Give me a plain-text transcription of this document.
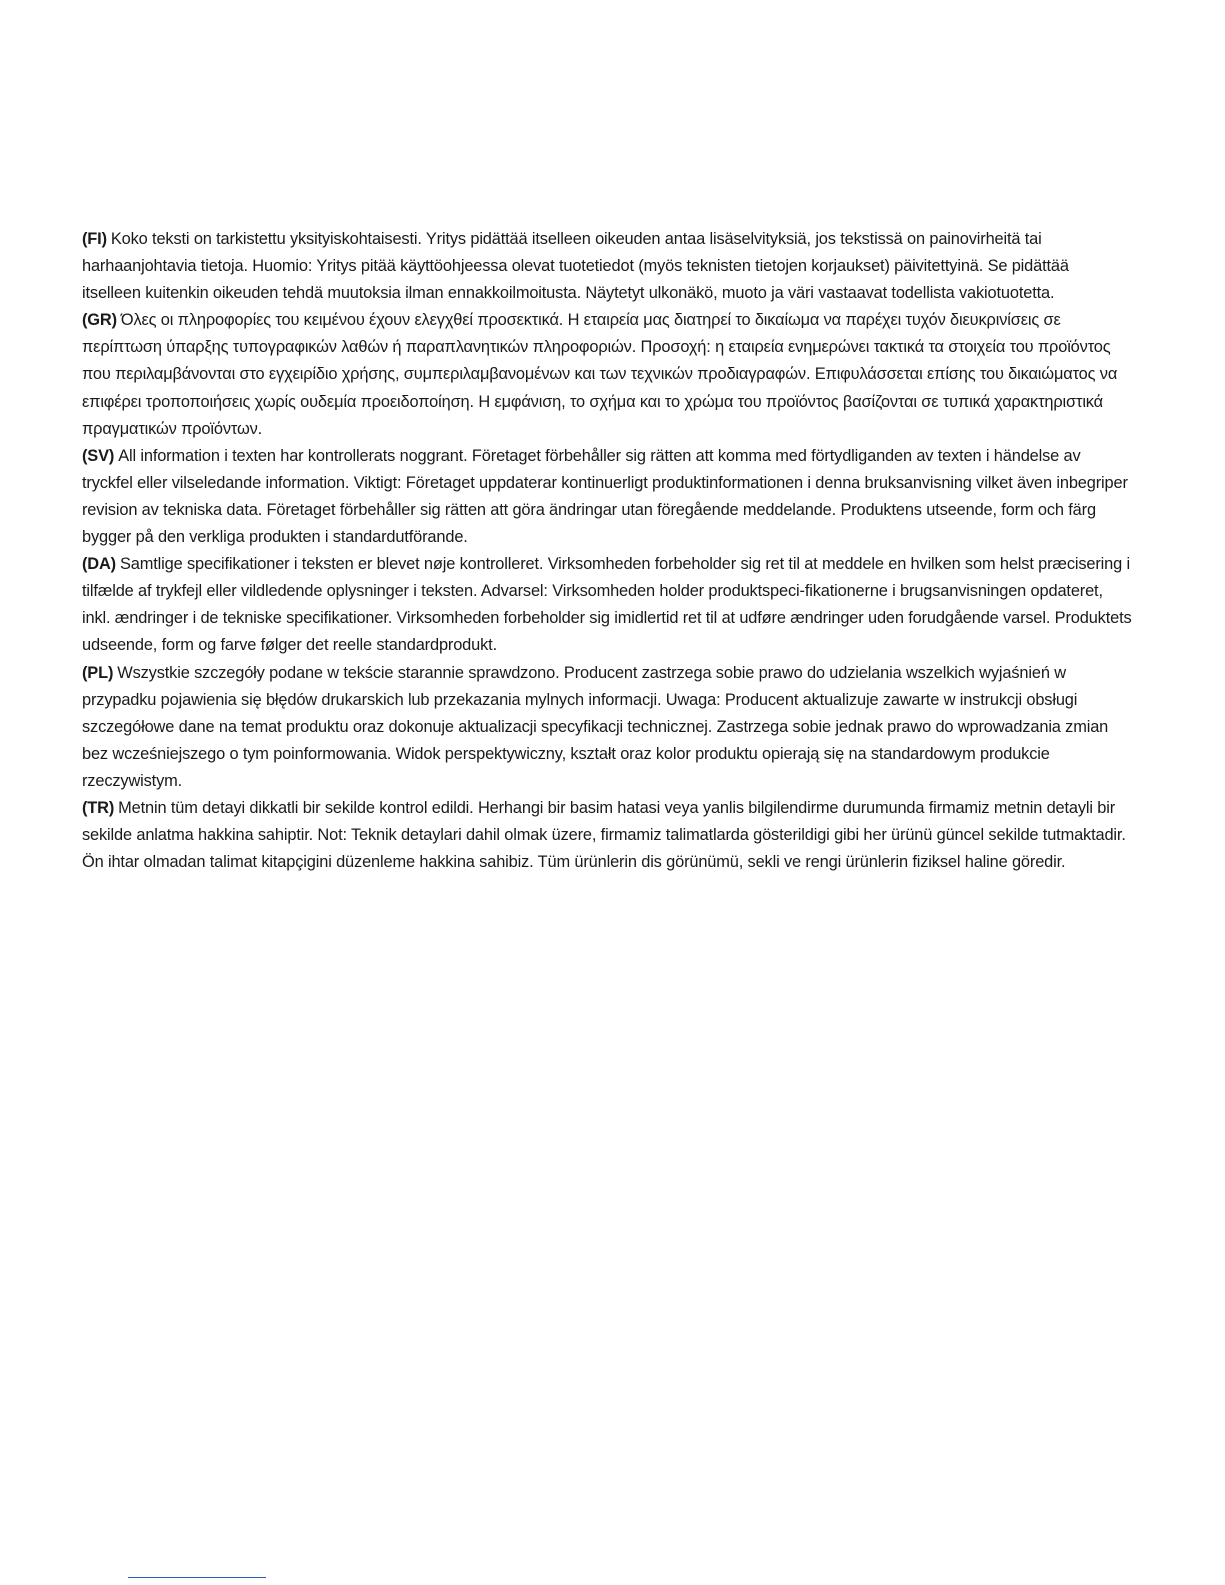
(FI) Koko teksti on tarkistettu yksityiskohtaisesti. Yritys pidättää itselleen oikeuden antaa lisäselvityksiä, jos tekstissä on painovirheitä tai harhaanjohtavia tietoja. Huomio: Yritys pitää käyttöohjeessa olevat tuotetiedot (myös teknisten tietojen korjaukset) päivitettyinä. Se pidättää itselleen kuitenkin oikeuden tehdä muutoksia ilman ennakkoilmoitusta. Näytetyt ulkonäkö, muoto ja väri vastaavat todellista vakiotuotetta.

(GR) Όλες οι πληροφορίες του κειμένου έχουν ελεγχθεί προσεκτικά. Η εταιρεία μας διατηρεί το δικαίωμα να παρέχει τυχόν διευκρινίσεις σε περίπτωση ύπαρξης τυπογραφικών λαθών ή παραπλανητικών πληροφοριών. Προσοχή: η εταιρεία ενημερώνει τακτικά τα στοιχεία του προϊόντος που περιλαμβάνονται στο εγχειρίδιο χρήσης, συμπεριλαμβανομένων και των τεχνικών προδιαγραφών. Επιφυλάσσεται επίσης του δικαιώματος να επιφέρει τροποποιήσεις χωρίς ουδεμία προειδοποίηση. Η εμφάνιση, το σχήμα και το χρώμα του προϊόντος βασίζονται σε τυπικά χαρακτηριστικά πραγματικών προϊόντων.

(SV) All information i texten har kontrollerats noggrant. Företaget förbehåller sig rätten att komma med förtydliganden av texten i händelse av tryckfel eller vilseledande information. Viktigt: Företaget uppdaterar kontinuerligt produktinformationen i denna bruksanvisning vilket även inbegriper revision av tekniska data. Företaget förbehåller sig rätten att göra ändringar utan föregående meddelande. Produktens utseende, form och färg bygger på den verkliga produkten i standardutförande.

(DA) Samtlige specifikationer i teksten er blevet nøje kontrolleret. Virksomheden forbeholder sig ret til at meddele en hvilken som helst præcisering i tilfælde af trykfejl eller vildledende oplysninger i teksten. Advarsel: Virksomheden holder produktspeci-fikationerne i brugsanvisningen opdateret, inkl. ændringer i de tekniske specifikationer. Virksomheden forbeholder sig imidlertid ret til at udføre ændringer uden forudgående varsel. Produktets udseende, form og farve følger det reelle standardprodukt.

(PL) Wszystkie szczegóły podane w tekście starannie sprawdzono. Producent zastrzega sobie prawo do udzielania wszelkich wyjaśnień w przypadku pojawienia się błędów drukarskich lub przekazania mylnych informacji. Uwaga: Producent aktualizuje zawarte w instrukcji obsługi szczegółowe dane na temat produktu oraz dokonuje aktualizacji specyfikacji technicznej. Zastrzega sobie jednak prawo do wprowadzania zmian bez wcześniejszego o tym poinformowania. Widok perspektywiczny, kształt oraz kolor produktu opierają się na standardowym produkcie rzeczywistym.

(TR) Metnin tüm detayi dikkatli bir sekilde kontrol edildi. Herhangi bir basim hatasi veya yanlis bilgilendirme durumunda firmamiz metnin detayli bir sekilde anlatma hakkina sahiptir. Not: Teknik detaylari dahil olmak üzere, firmamiz talimatlarda gösterildigi gibi her ürünü güncel sekilde tutmaktadir. Ön ihtar olmadan talimat kitapçigini düzenleme hakkina sahibiz. Tüm ürünlerin dis görünümü, sekli ve rengi ürünlerin fiziksel haline göredir.
